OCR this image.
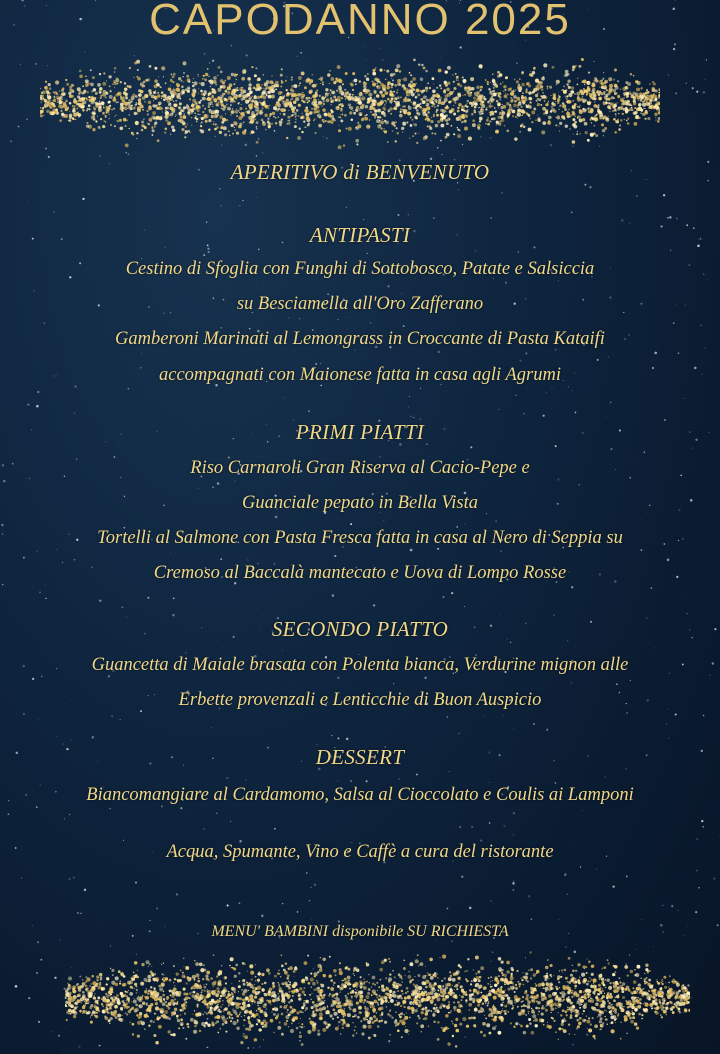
CAPODANNO 2025
APERITIVO di BENVENUTO
ANTIPASTI
Cestino di Sfoglia con Funghi di Sottobosco, Patate e Salsiccia
su Besciamella all'Oro Zafferano
Gamberoni Marinati al Lemongrass in Croccante di Pasta Kataifi
accompagnati con Maionese fatta in casa agli Agrumi
PRIMI PIATTI
Riso Carnaroli Gran Riserva al Cacio-Pepe e
Guanciale pepato in Bella Vista
Tortelli al Salmone con Pasta Fresca fatta in casa al Nero di Seppia su
Cremoso al Baccalà mantecato e Uova di Lompo Rosse
SECONDO PIATTO
Guancetta di Maiale brasata con Polenta bianca, Verdurine mignon alle
Erbette provenzali e Lenticchie di Buon Auspicio
DESSERT
Biancomangiare al Cardamomo, Salsa al Cioccolato e Coulis ai Lamponi
Acqua, Spumante, Vino e Caffè a cura del ristorante
MENU' BAMBINI disponibile SU RICHIESTA
